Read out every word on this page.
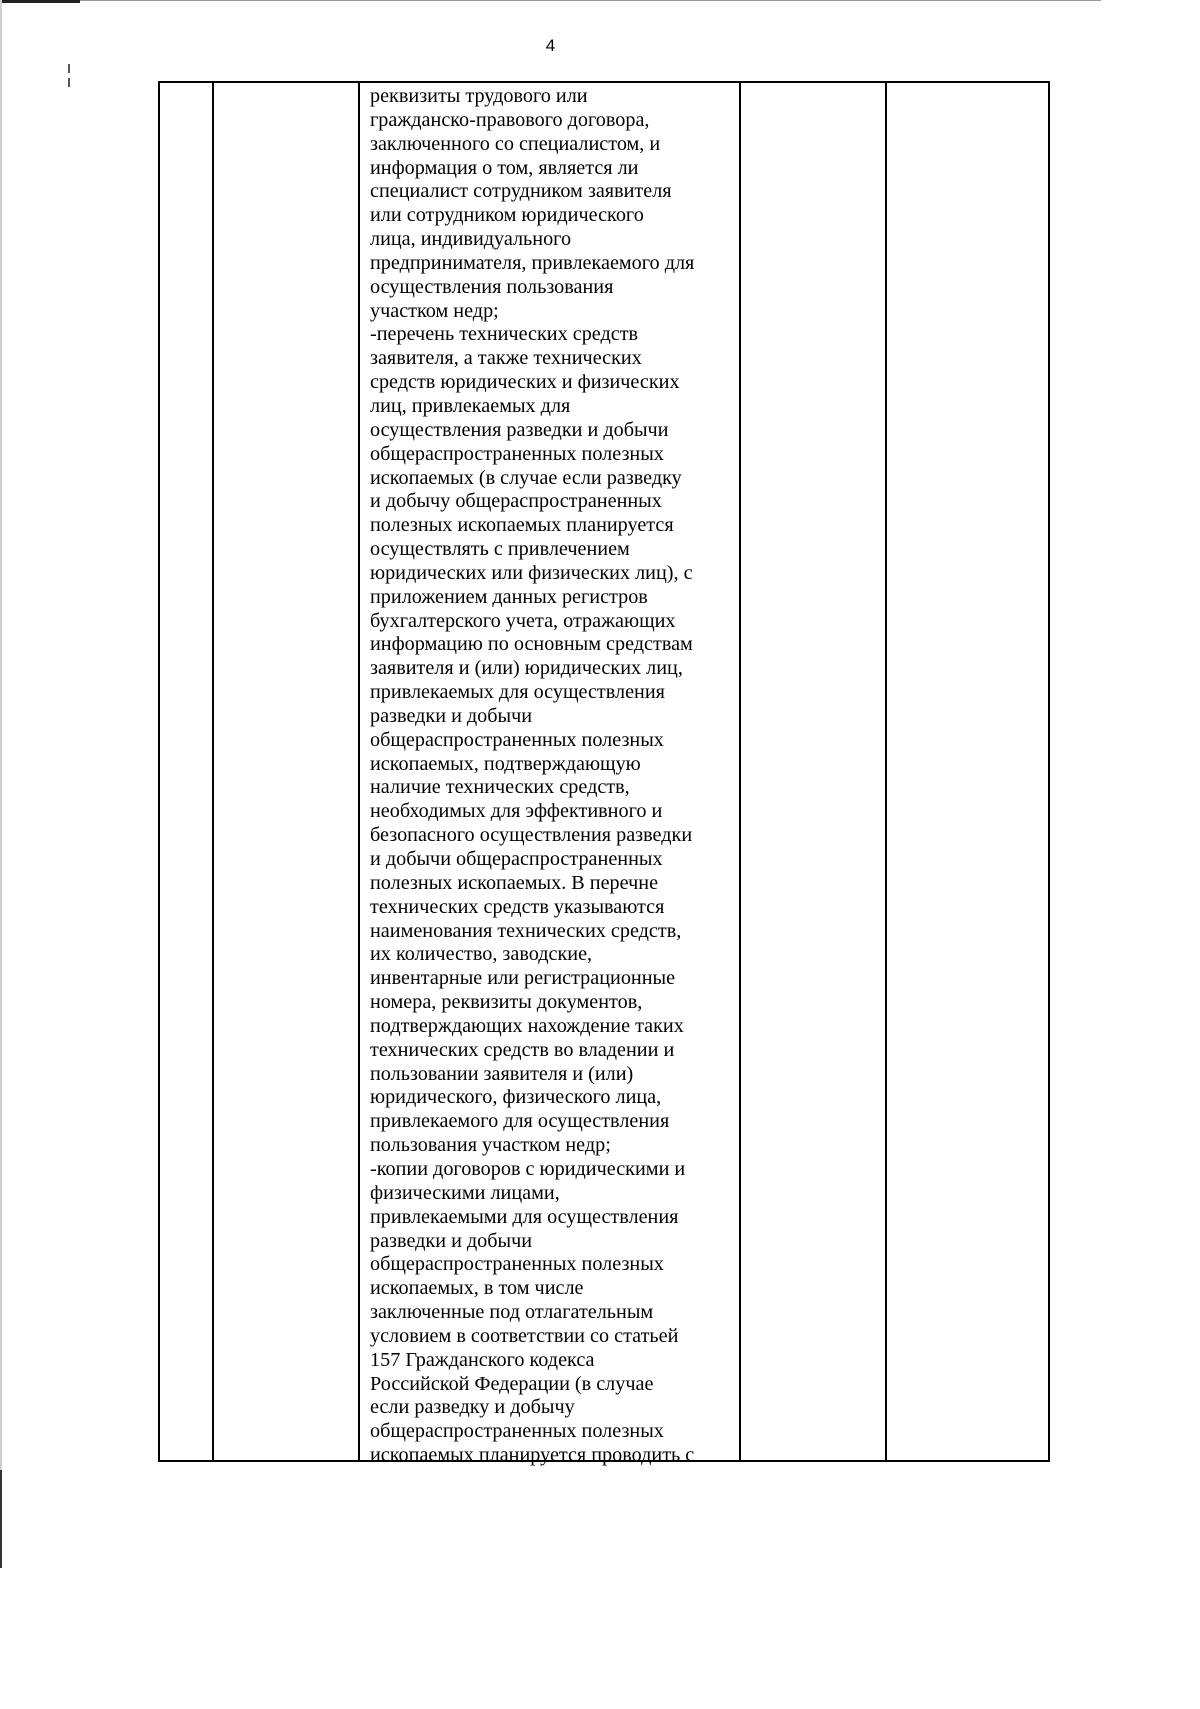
4
реквизиты трудового или
гражданско-правового договора,
заключенного со специалистом, и
информация о том, является ли
специалист сотрудником заявителя
или сотрудником юридического
лица, индивидуального
предпринимателя, привлекаемого для
осуществления пользования
участком недр;
-перечень технических средств
заявителя, а также технических
средств юридических и физических
лиц, привлекаемых для
осуществления разведки и добычи
общераспространенных полезных
ископаемых (в случае если разведку
и добычу общераспространенных
полезных ископаемых планируется
осуществлять с привлечением
юридических или физических лиц), с
приложением данных регистров
бухгалтерского учета, отражающих
информацию по основным средствам
заявителя и (или) юридических лиц,
привлекаемых для осуществления
разведки и добычи
общераспространенных полезных
ископаемых, подтверждающую
наличие технических средств,
необходимых для эффективного и
безопасного осуществления разведки
и добычи общераспространенных
полезных ископаемых. В перечне
технических средств указываются
наименования технических средств,
их количество, заводские,
инвентарные или регистрационные
номера, реквизиты документов,
подтверждающих нахождение таких
технических средств во владении и
пользовании заявителя и (или)
юридического, физического лица,
привлекаемого для осуществления
пользования участком недр;
-копии договоров с юридическими и
физическими лицами,
привлекаемыми для осуществления
разведки и добычи
общераспространенных полезных
ископаемых, в том числе
заключенные под отлагательным
условием в соответствии со статьей
157 Гражданского кодекса
Российской Федерации (в случае
если разведку и добычу
общераспространенных полезных
ископаемых планируется проводить с
